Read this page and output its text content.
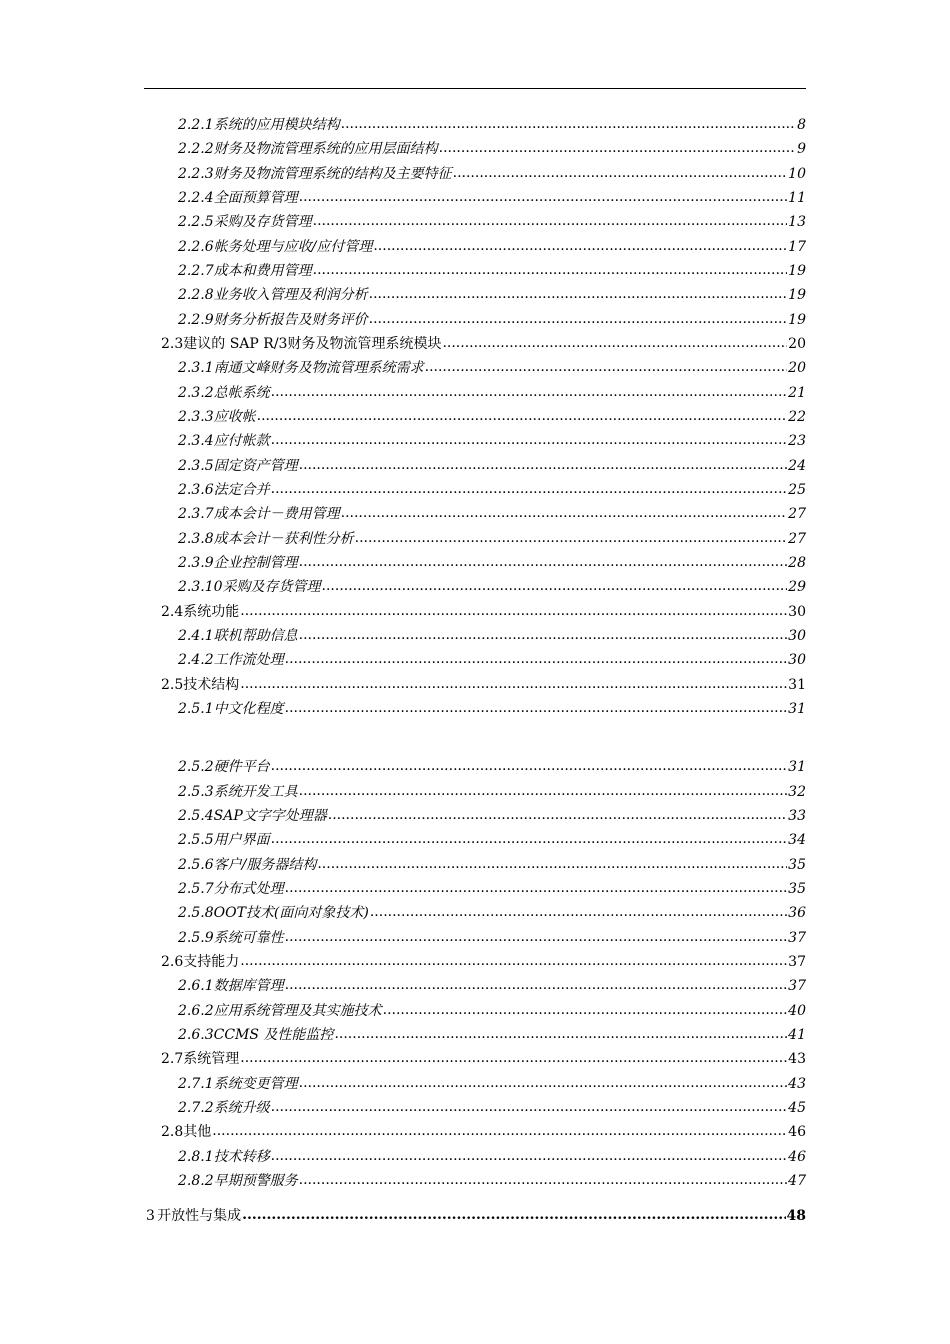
2.2.1 系统的应用模块结构 .....	8
2.2.2 财务及物流管理系统的应用层面结构 .....	9
2.2.3 财务及物流管理系统的结构及主要特征 .....	10
2.2.4 全面预算管理 .....	11
2.2.5 采购及存货管理 .....	13
2.2.6 帐务处理与应收/应付管理 .....	17
2.2.7 成本和费用管理 .....	19
2.2.8 业务收入管理及利润分析 .....	19
2.2.9 财务分析报告及财务评价 .....	19
2.3 建议的 SAP R/3财务及物流管理系统模块 .....	20
2.3.1 南通文峰财务及物流管理系统需求 .....	20
2.3.2 总帐系统 .....	21
2.3.3 应收帐 .....	22
2.3.4 应付帐款 .....	23
2.3.5 固定资产管理 .....	24
2.3.6 法定合并 .....	25
2.3.7 成本会计－费用管理 .....	27
2.3.8 成本会计－获利性分析 .....	27
2.3.9 企业控制管理 .....	28
2.3.10 采购及存货管理 .....	29
2.4 系统功能 .....	30
2.4.1 联机帮助信息 .....	30
2.4.2 工作流处理 .....	30
2.5 技术结构 .....	31
2.5.1 中文化程度 .....	31
2.5.2 硬件平台 .....	31
2.5.3 系统开发工具 .....	32
2.5.4 SAP文字字处理器 .....	33
2.5.5 用户界面 .....	34
2.5.6 客户/服务器结构 .....	35
2.5.7 分布式处理 .....	35
2.5.8 OOT技术(面向对象技术) .....	36
2.5.9 系统可靠性 .....	37
2.6 支持能力 .....	37
2.6.1 数据库管理 .....	37
2.6.2 应用系统管理及其实施技术 .....	40
2.6.3 CCMS 及性能监控 .....	41
2.7 系统管理 .....	43
2.7.1 系统变更管理 .....	43
2.7.2 系统升级 .....	45
2.8 其他 .....	46
2.8.1 技术转移 .....	46
2.8.2 早期预警服务 .....	47
3 开放性与集成 .....	48
